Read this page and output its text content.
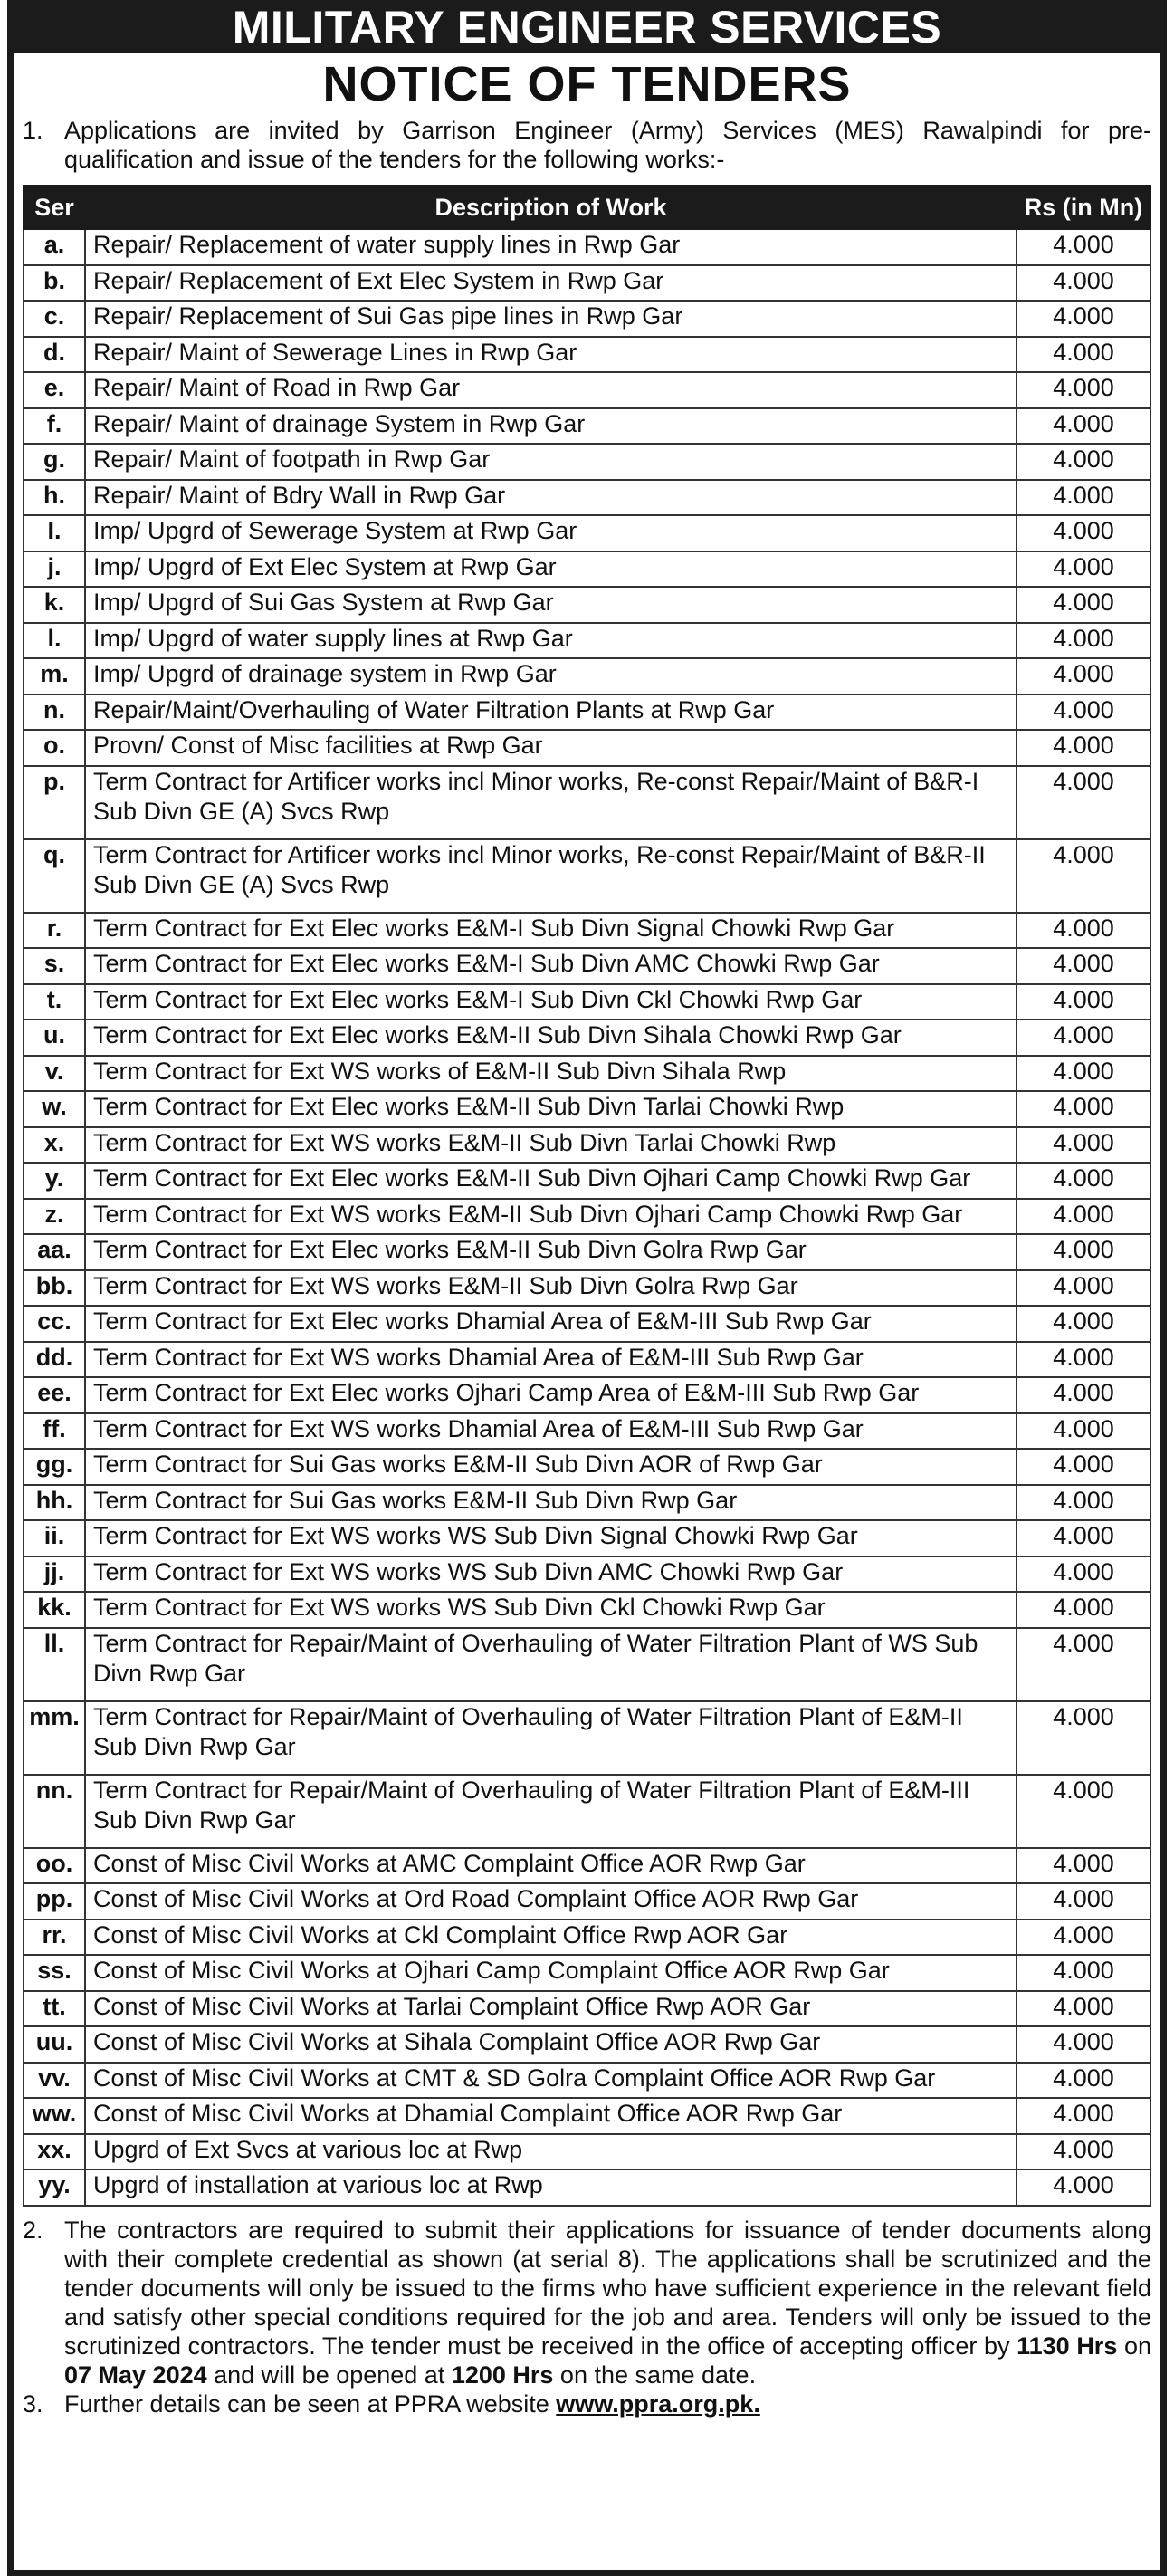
MILITARY ENGINEER SERVICES
NOTICE OF TENDERS
1. Applications are invited by Garrison Engineer (Army) Services (MES) Rawalpindi for pre- qualification and issue of the tenders for the following works:-
Ser	Description of Work	Rs (in Mn)
a.	Repair/ Replacement of water supply lines in Rwp Gar	4.000
b.	Repair/ Replacement of Ext Elec System in Rwp Gar	4.000
c.	Repair/ Replacement of Sui Gas pipe lines in Rwp Gar	4.000
d.	Repair/ Maint of Sewerage Lines in Rwp Gar	4.000
e.	Repair/ Maint of Road in Rwp Gar	4.000
f.	Repair/ Maint of drainage System in Rwp Gar	4.000
g.	Repair/ Maint of footpath in Rwp Gar	4.000
h.	Repair/ Maint of Bdry Wall in Rwp Gar	4.000
I.	Imp/ Upgrd of Sewerage System at Rwp Gar	4.000
j.	Imp/ Upgrd of Ext Elec System at Rwp Gar	4.000
k.	Imp/ Upgrd of Sui Gas System at Rwp Gar	4.000
l.	Imp/ Upgrd of water supply lines at Rwp Gar	4.000
m.	Imp/ Upgrd of drainage system in Rwp Gar	4.000
n.	Repair/Maint/Overhauling of Water Filtration Plants at Rwp Gar	4.000
o.	Provn/ Const of Misc facilities at Rwp Gar	4.000
p.	Term Contract for Artificer works incl Minor works, Re-const Repair/Maint of B&R-I Sub Divn GE (A) Svcs Rwp	4.000
q.	Term Contract for Artificer works incl Minor works, Re-const Repair/Maint of B&R-II Sub Divn GE (A) Svcs Rwp	4.000
r.	Term Contract for Ext Elec works E&M-I Sub Divn Signal Chowki Rwp Gar	4.000
s.	Term Contract for Ext Elec works E&M-I Sub Divn AMC Chowki Rwp Gar	4.000
t.	Term Contract for Ext Elec works E&M-I Sub Divn Ckl Chowki Rwp Gar	4.000
u.	Term Contract for Ext Elec works E&M-II Sub Divn Sihala Chowki Rwp Gar	4.000
v.	Term Contract for Ext WS works of E&M-II Sub Divn Sihala Rwp	4.000
w.	Term Contract for Ext Elec works E&M-II Sub Divn Tarlai Chowki Rwp	4.000
x.	Term Contract for Ext WS works E&M-II Sub Divn Tarlai Chowki Rwp	4.000
y.	Term Contract for Ext Elec works E&M-II Sub Divn Ojhari Camp Chowki Rwp Gar	4.000
z.	Term Contract for Ext WS works E&M-II Sub Divn Ojhari Camp Chowki Rwp Gar	4.000
aa.	Term Contract for Ext Elec works E&M-II Sub Divn Golra Rwp Gar	4.000
bb.	Term Contract for Ext WS works E&M-II Sub Divn Golra Rwp Gar	4.000
cc.	Term Contract for Ext Elec works Dhamial Area of E&M-III Sub Rwp Gar	4.000
dd.	Term Contract for Ext WS works Dhamial Area of E&M-III Sub Rwp Gar	4.000
ee.	Term Contract for Ext Elec works Ojhari Camp Area of E&M-III Sub Rwp Gar	4.000
ff.	Term Contract for Ext WS works Dhamial Area of E&M-III Sub Rwp Gar	4.000
gg.	Term Contract for Sui Gas works E&M-II Sub Divn AOR of Rwp Gar	4.000
hh.	Term Contract for Sui Gas works E&M-II Sub Divn Rwp Gar	4.000
ii.	Term Contract for Ext WS works WS Sub Divn Signal Chowki Rwp Gar	4.000
jj.	Term Contract for Ext WS works WS Sub Divn AMC Chowki Rwp Gar	4.000
kk.	Term Contract for Ext WS works WS Sub Divn Ckl Chowki Rwp Gar	4.000
ll.	Term Contract for Repair/Maint of Overhauling of Water Filtration Plant of WS Sub Divn Rwp Gar	4.000
mm.	Term Contract for Repair/Maint of Overhauling of Water Filtration Plant of E&M-II Sub Divn Rwp Gar	4.000
nn.	Term Contract for Repair/Maint of Overhauling of Water Filtration Plant of E&M-III Sub Divn Rwp Gar	4.000
oo.	Const of Misc Civil Works at AMC Complaint Office AOR Rwp Gar	4.000
pp.	Const of Misc Civil Works at Ord Road Complaint Office AOR Rwp Gar	4.000
rr.	Const of Misc Civil Works at Ckl Complaint Office Rwp AOR Gar	4.000
ss.	Const of Misc Civil Works at Ojhari Camp Complaint Office AOR Rwp Gar	4.000
tt.	Const of Misc Civil Works at Tarlai Complaint Office Rwp AOR Gar	4.000
uu.	Const of Misc Civil Works at Sihala Complaint Office AOR Rwp Gar	4.000
vv.	Const of Misc Civil Works at CMT & SD Golra Complaint Office AOR Rwp Gar	4.000
ww.	Const of Misc Civil Works at Dhamial Complaint Office AOR Rwp Gar	4.000
xx.	Upgrd of Ext Svcs at various loc at Rwp	4.000
yy.	Upgrd of installation at various loc at Rwp	4.000
2. The contractors are required to submit their applications for issuance of tender documents along with their complete credential as shown (at serial 8). The applications shall be scrutinized and the tender documents will only be issued to the firms who have sufficient experience in the relevant field and satisfy other special conditions required for the job and area. Tenders will only be issued to the scrutinized contractors. The tender must be received in the office of accepting officer by 1130 Hrs on 07 May 2024 and will be opened at 1200 Hrs on the same date.
3. Further details can be seen at PPRA website www.ppra.org.pk.
